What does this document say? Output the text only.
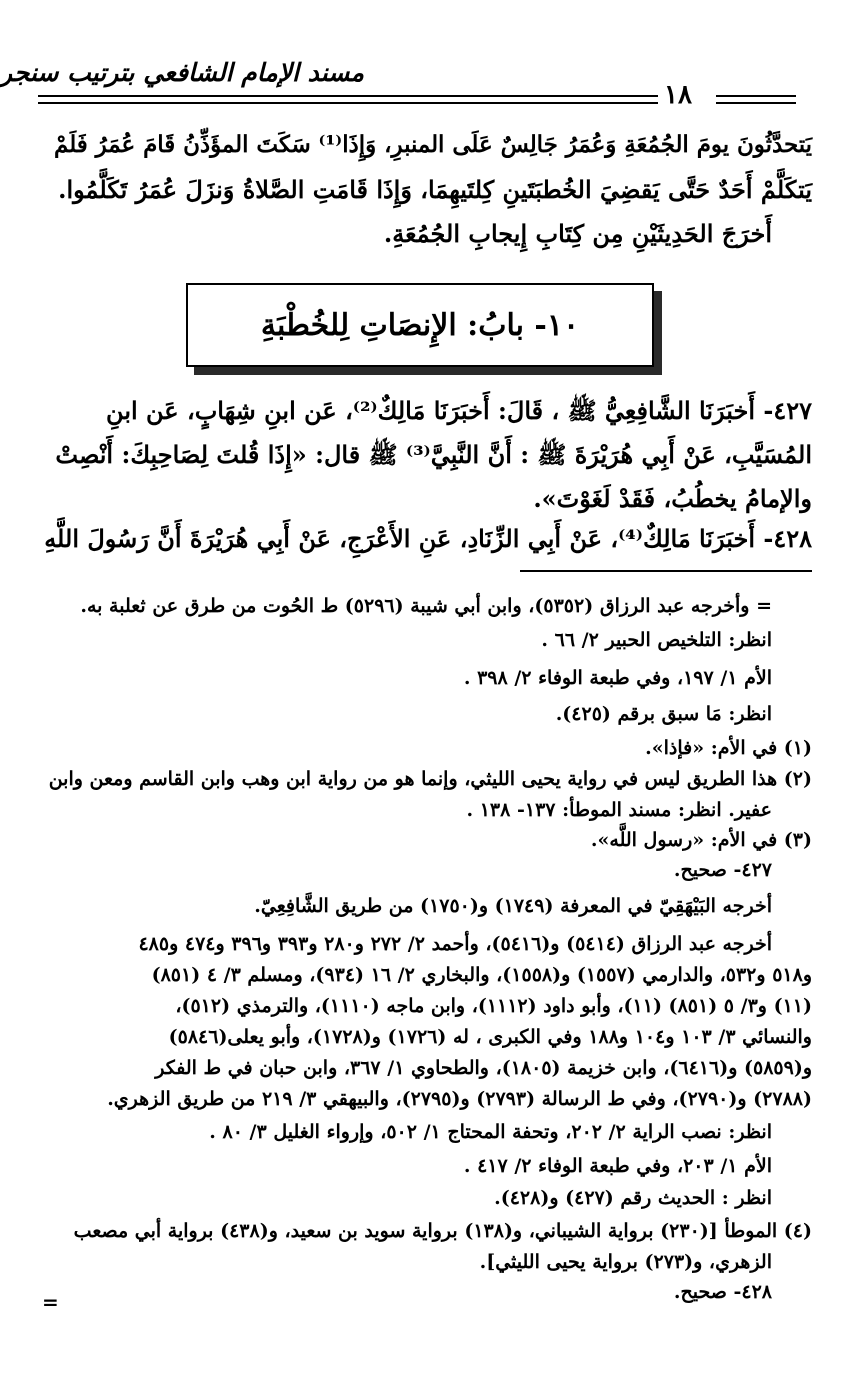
مسند الإمام الشافعي بترتيب سنجر
١٨
يَتحدَّثُونَ يومَ الجُمُعَةِ وَعُمَرُ جَالِسٌ عَلَى المنبرِ، وَإِذَا⁽¹⁾ سَكَتَ المؤَذِّنُ قَامَ عُمَرُ فَلَمْ
يَتكَلَّمْ أَحَدٌ حَتَّى يَقضِيَ الخُطبَتَينِ كِلتَيهِمَا، وَإِذَا قَامَتِ الصَّلاةُ وَنزَلَ عُمَرُ تَكَلَّمُوا.
أَخرَجَ الحَدِيثَيْنِ مِن كِتَابِ إِيجابِ الجُمُعَةِ.
١٠- بابُ: الإِنصَاتِ لِلخُطْبَةِ
٤٢٧- أَخبَرَنَا الشَّافِعِيُّ ﷺ ، قَالَ: أَخبَرَنَا مَالِكٌ⁽²⁾، عَن ابنِ شِهَابٍ، عَن ابنِ
المُسَيَّبِ، عَنْ أَبِي هُرَيْرَةَ ﷺ : أَنَّ النَّبِيَّ⁽³⁾ ﷺ قال: «إِذَا قُلتَ لِصَاحِبِكَ: أَنْصِتْ
والإمامُ يخطُبُ، فَقَدْ لَغَوْتَ».
٤٢٨- أَخبَرَنَا مَالِكٌ⁽⁴⁾، عَنْ أَبِي الزِّنَادِ، عَنِ الأَعْرَجِ، عَنْ أَبِي هُرَيْرَةَ أَنَّ رَسُولَ اللَّهِ
= وأخرجه عبد الرزاق (٥٣٥٢)، وابن أبي شيبة (٥٢٩٦) ط الحُوت من طرق عن ثعلبة به.
انظر: التلخيص الحبير ٢/ ٦٦ .
الأم ١/ ١٩٧، وفي طبعة الوفاء ٢/ ٣٩٨ .
انظر: مَا سبق برقم (٤٢٥).
(١) في الأم: «فإذا».
(٢) هذا الطريق ليس في رواية يحيى الليثي، وإنما هو من رواية ابن وهب وابن القاسم ومعن وابن
عفير. انظر: مسند الموطأ: ١٣٧- ١٣٨ .
(٣) في الأم: «رسول اللَّه».
٤٢٧- صحيح.
أخرجه البَيْهَقِيّ في المعرفة (١٧٤٩) و(١٧٥٠) من طريق الشَّافِعِيّ.
أخرجه عبد الرزاق (٥٤١٤) و(٥٤١٦)، وأحمد ٢/ ٢٧٢ و٢٨٠ و٣٩٣ و٣٩٦ و٤٧٤ و٤٨٥
و٥١٨ و٥٣٢، والدارمي (١٥٥٧) و(١٥٥٨)، والبخاري ٢/ ١٦ (٩٣٤)، ومسلم ٣/ ٤ (٨٥١)
(١١) و٣/ ٥ (٨٥١) (١١)، وأبو داود (١١١٢)، وابن ماجه (١١١٠)، والترمذي (٥١٢)،
والنسائي ٣/ ١٠٣ و١٠٤ و١٨٨ وفي الكبرى ، له (١٧٢٦) و(١٧٢٨)، وأبو يعلى(٥٨٤٦)
و(٥٨٥٩) و(٦٤١٦)، وابن خزيمة (١٨٠٥)، والطحاوي ١/ ٣٦٧، وابن حبان في ط الفكر
(٢٧٨٨) و(٢٧٩٠)، وفي ط الرسالة (٢٧٩٣) و(٢٧٩٥)، والبيهقي ٣/ ٢١٩ من طريق الزهري.
انظر: نصب الراية ٢/ ٢٠٢، وتحفة المحتاج ١/ ٥٠٢، وإرواء الغليل ٣/ ٨٠ .
الأم ١/ ٢٠٣، وفي طبعة الوفاء ٢/ ٤١٧ .
انظر : الحديث رقم (٤٢٧) و(٤٢٨).
(٤) الموطأ [(٢٣٠) برواية الشيباني، و(١٣٨) برواية سويد بن سعيد، و(٤٣٨) برواية أبي مصعب
الزهري، و(٢٧٣) برواية يحيى الليثي].
٤٢٨- صحيح.
=
